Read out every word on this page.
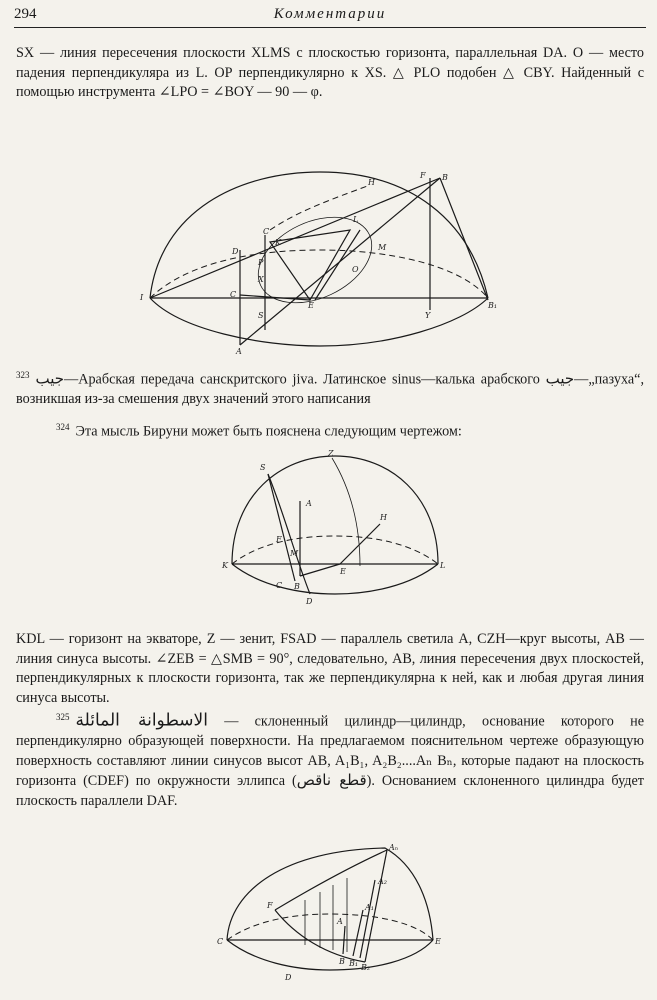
294	Комментарии

SX — линия пересечения плоскости XLMS с плоскостью горизонта, параллельная DA. O — место падения перпендикуляра из L. OP перпендикулярно к XS. △ PLO подобен △ CBY. Найденный с помощью инструмента ∠LPO = ∠BOY — 90 — φ.

B
F
H
C
K
L
D
P
X
M
O
C
E
Y
S
A
B₁
I

$^{323}$ جيب—Арабская передача санскритского jiva. Латинское sinus—калька арабского جيب—„пазуха“, возникшая из-за смешения двух значений этого написания

$^{324}$ Эта мысль Бируни может быть пояснена следующим чертежом:

S
Z
A
H
F
M
K
E
L
B
C
D

KDL — горизонт на экваторе, Z — зенит, FSAD — параллель светила A, CZH—круг высоты, AB — линия синуса высоты. ∠ZEB = △SMB = 90°, следовательно, AB, линия пересечения двух плоскостей, перпендикулярных к плоскости горизонта, так же перпендикулярна к ней, как и любая другая линия синуса высоты.

$^{325}$ الاسطوانة المائلة — склоненный цилиндр—цилиндр, основание которого не перпендикулярно образующей поверхности. На предлагаемом пояснительном чертеже образующую поверхность составляют линии синусов высот AB, A₁B₁, A₂B₂....Aₙ Bₙ, которые падают на плоскость горизонта (CDEF) по окружности эллипса (قطع ناقص). Основанием склоненного цилиндра будет плоскость параллели DAF.

Aₙ
A₂
A₁
A
F
C
B B₁ B₂
E
D
